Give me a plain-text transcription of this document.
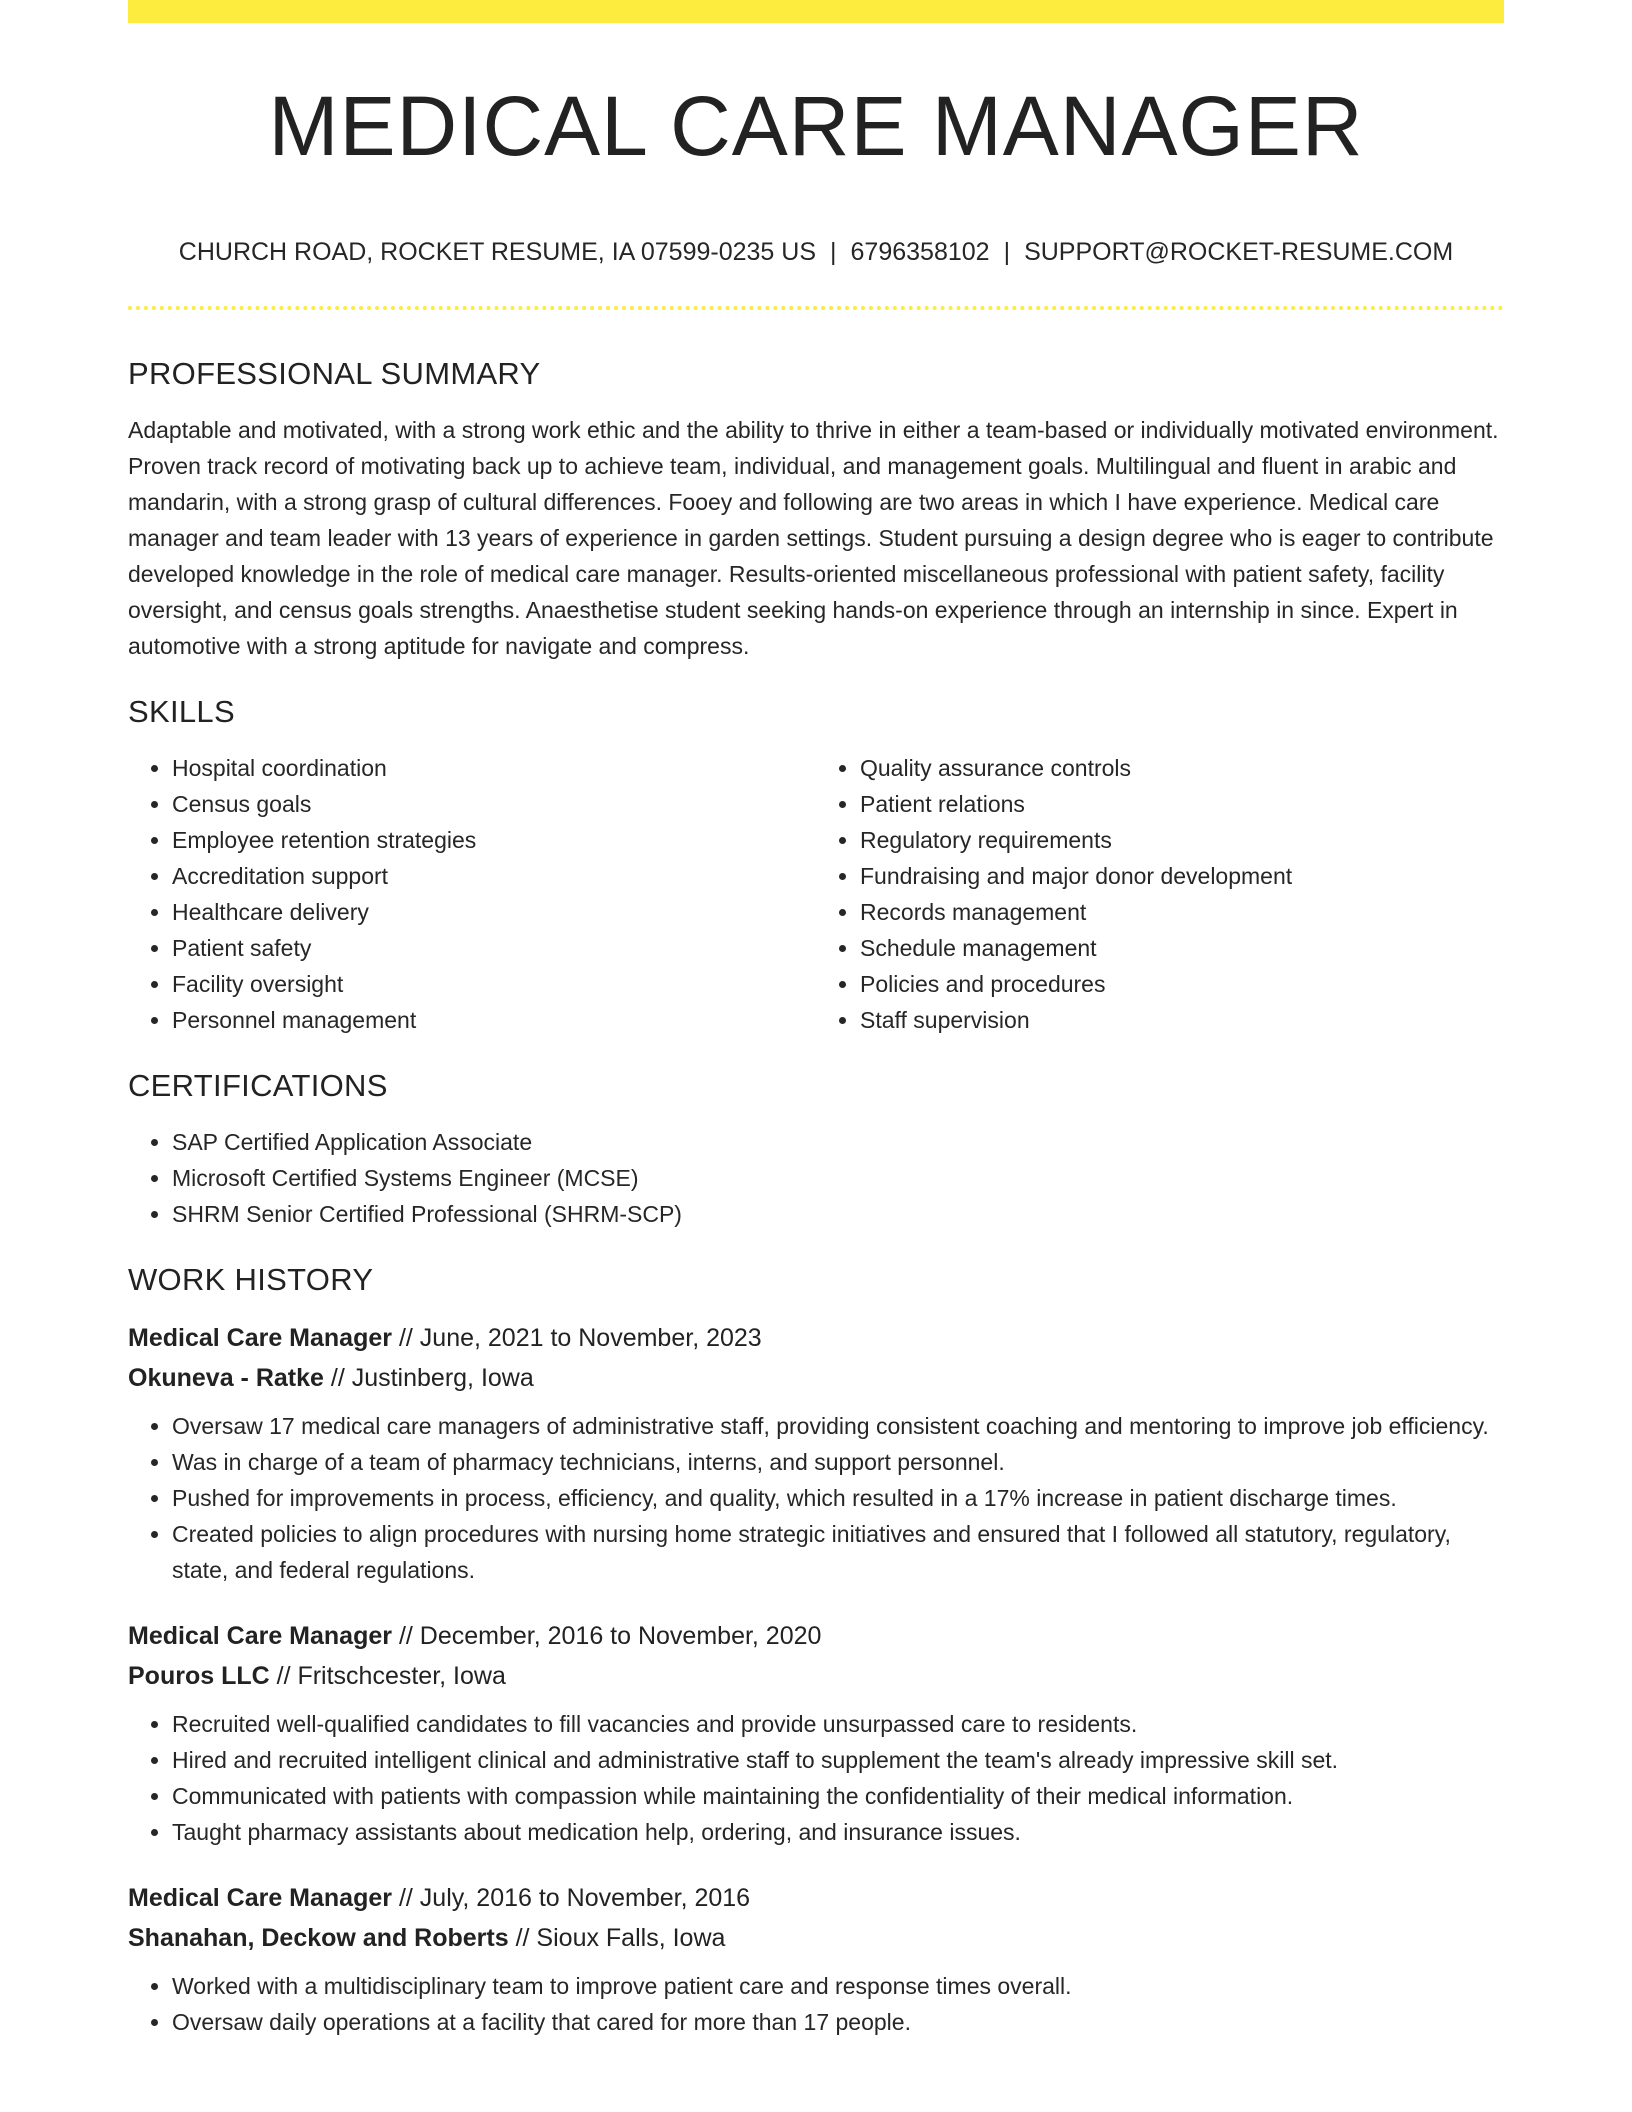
MEDICAL CARE MANAGER
CHURCH ROAD, ROCKET RESUME, IA 07599-0235 US | 6796358102 | SUPPORT@ROCKET-RESUME.COM
PROFESSIONAL SUMMARY

Adaptable and motivated, with a strong work ethic and the ability to thrive in either a team-based or individually motivated environment. Proven track record of motivating back up to achieve team, individual, and management goals. Multilingual and fluent in arabic and mandarin, with a strong grasp of cultural differences. Fooey and following are two areas in which I have experience. Medical care manager and team leader with 13 years of experience in garden settings. Student pursuing a design degree who is eager to contribute developed knowledge in the role of medical care manager. Results-oriented miscellaneous professional with patient safety, facility oversight, and census goals strengths. Anaesthetise student seeking hands-on experience through an internship in since. Expert in automotive with a strong aptitude for navigate and compress.

SKILLS
• Hospital coordination
• Census goals
• Employee retention strategies
• Accreditation support
• Healthcare delivery
• Patient safety
• Facility oversight
• Personnel management
• Quality assurance controls
• Patient relations
• Regulatory requirements
• Fundraising and major donor development
• Records management
• Schedule management
• Policies and procedures
• Staff supervision
CERTIFICATIONS
• SAP Certified Application Associate
• Microsoft Certified Systems Engineer (MCSE)
• SHRM Senior Certified Professional (SHRM-SCP)
WORK HISTORY
Medical Care Manager // June, 2021 to November, 2023
Okuneva - Ratke // Justinberg, Iowa
• Oversaw 17 medical care managers of administrative staff, providing consistent coaching and mentoring to improve job efficiency.
• Was in charge of a team of pharmacy technicians, interns, and support personnel.
• Pushed for improvements in process, efficiency, and quality, which resulted in a 17% increase in patient discharge times.
• Created policies to align procedures with nursing home strategic initiatives and ensured that I followed all statutory, regulatory, state, and federal regulations.
Medical Care Manager // December, 2016 to November, 2020
Pouros LLC // Fritschcester, Iowa
• Recruited well-qualified candidates to fill vacancies and provide unsurpassed care to residents.
• Hired and recruited intelligent clinical and administrative staff to supplement the team's already impressive skill set.
• Communicated with patients with compassion while maintaining the confidentiality of their medical information.
• Taught pharmacy assistants about medication help, ordering, and insurance issues.
Medical Care Manager // July, 2016 to November, 2016
Shanahan, Deckow and Roberts // Sioux Falls, Iowa
• Worked with a multidisciplinary team to improve patient care and response times overall.
• Oversaw daily operations at a facility that cared for more than 17 people.
